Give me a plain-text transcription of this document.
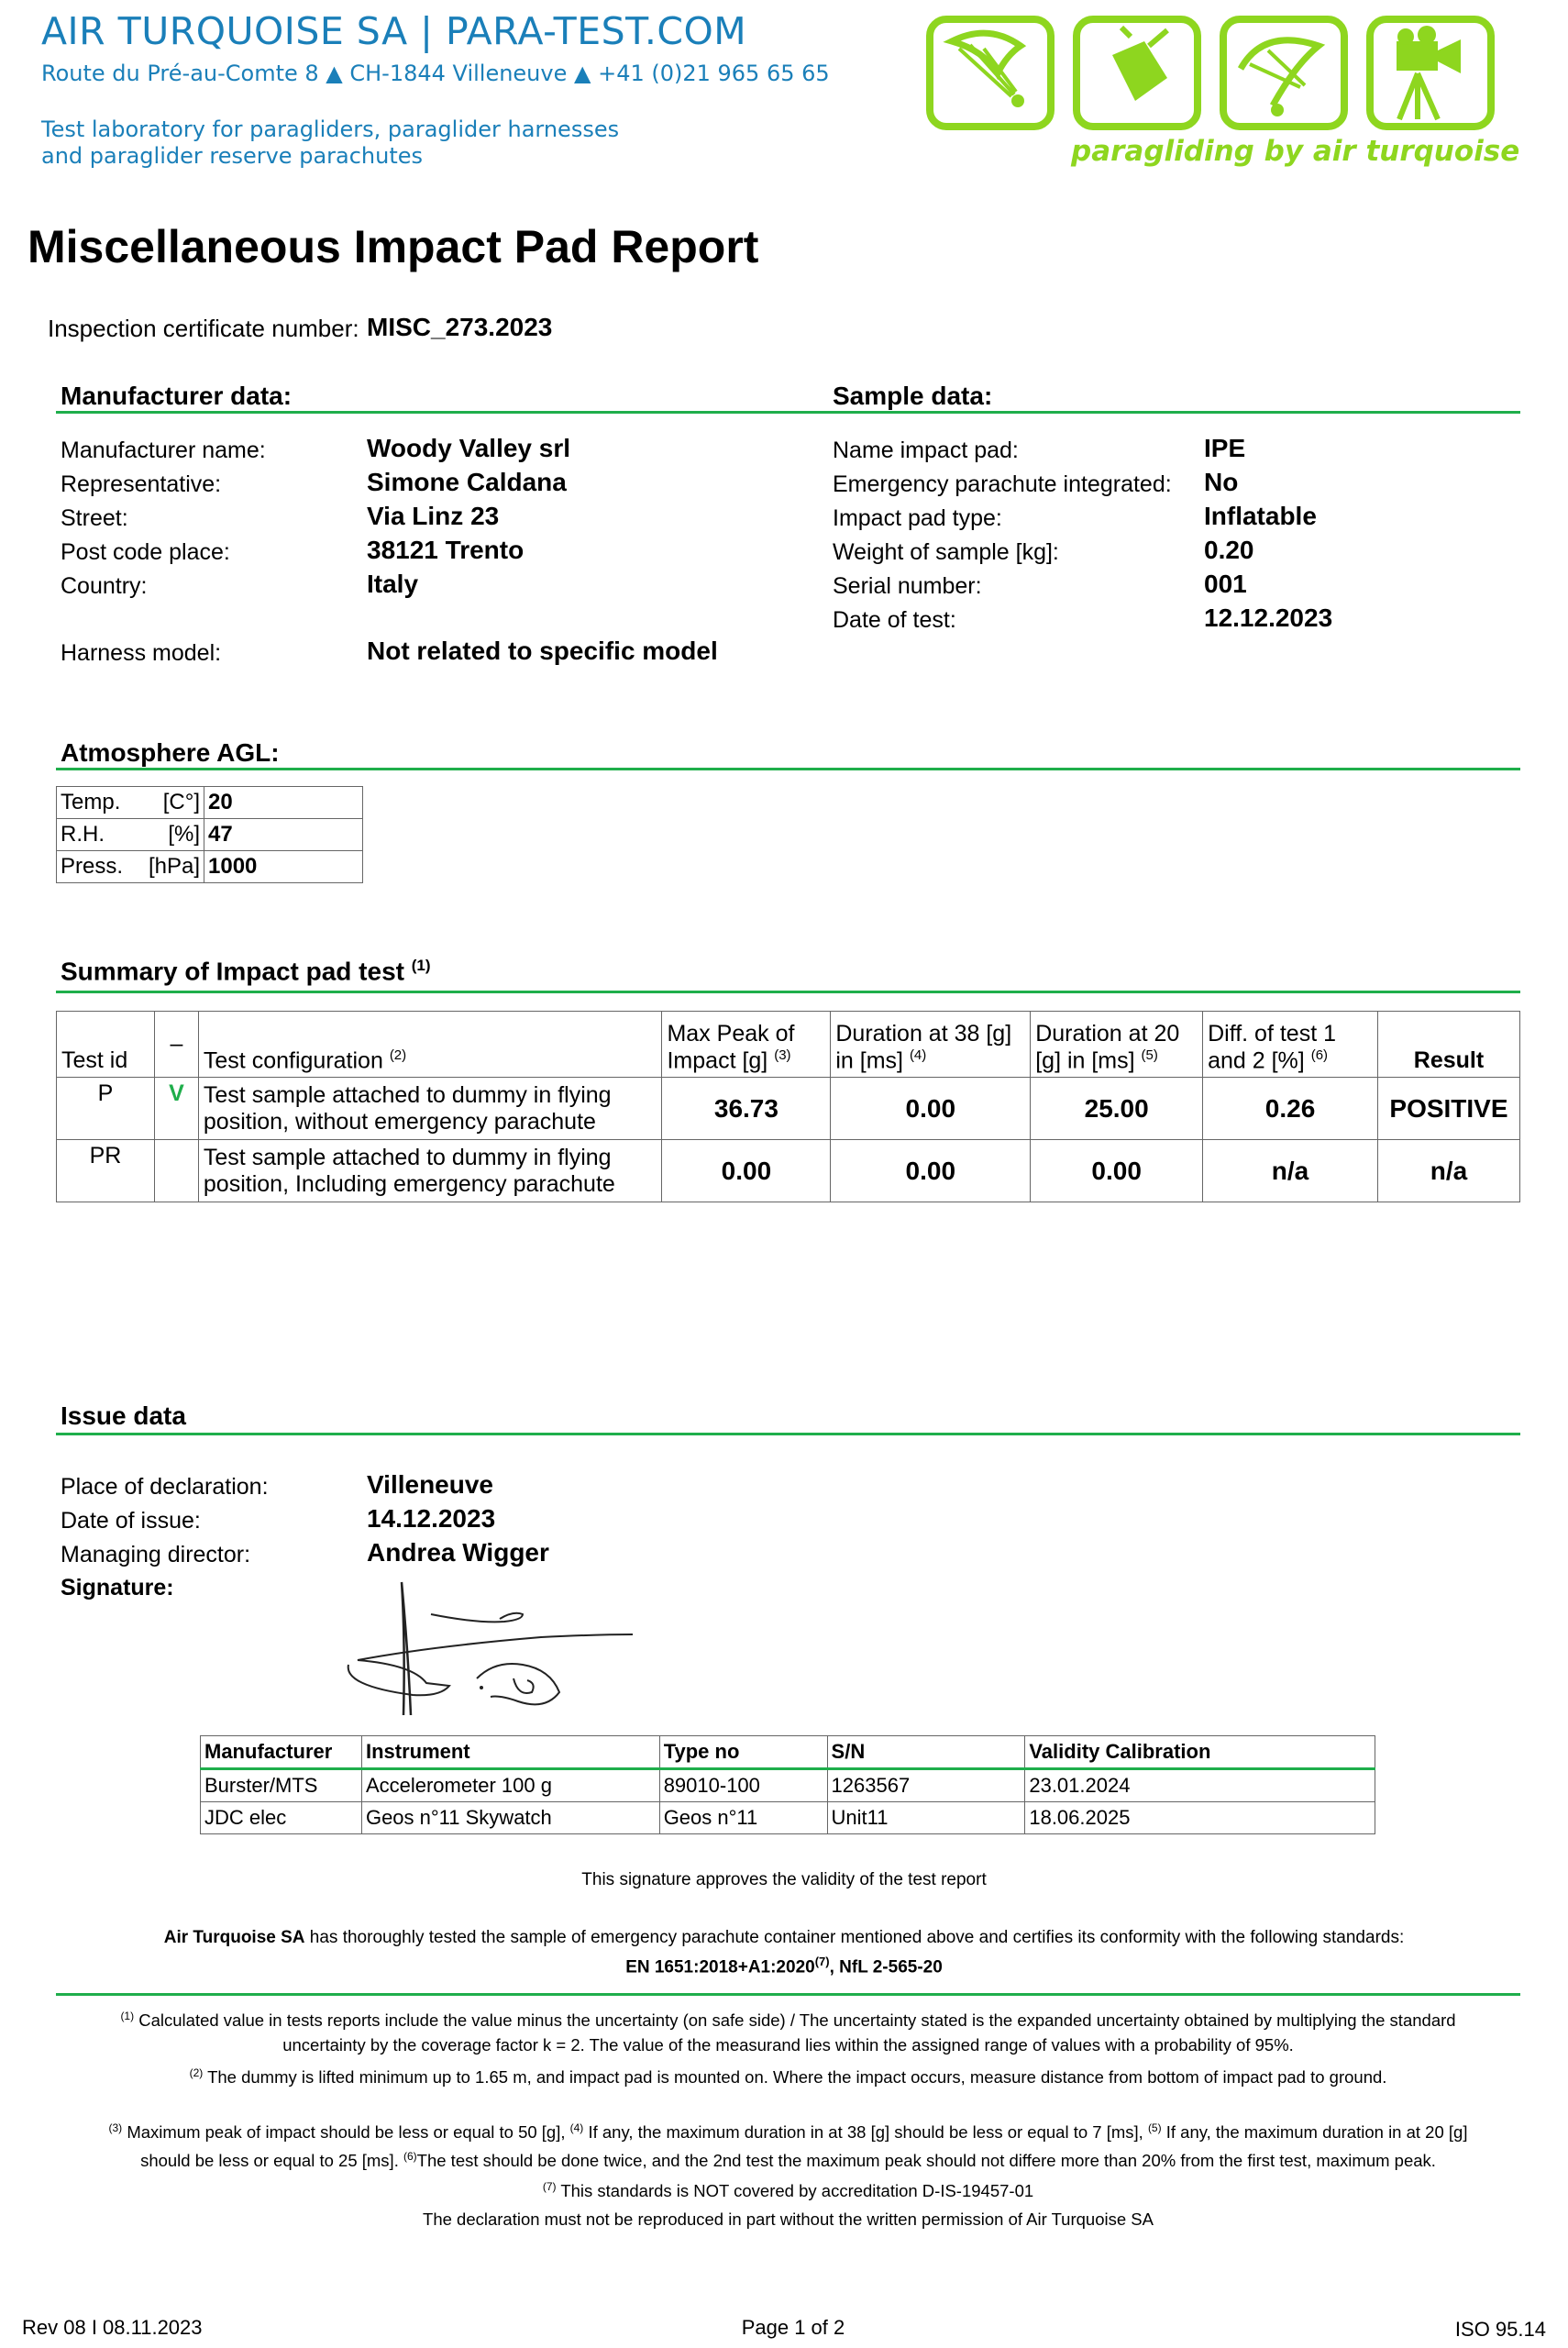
AIR TURQUOISE SA | PARA-TEST.COM
Route du Pré-au-Comte 8 ▲ CH-1844 Villeneuve ▲ +41 (0)21 965 65 65
Test laboratory for paragliders, paraglider harnesses
and paraglider reserve parachutes	paragliding by air turquoise
Miscellaneous Impact Pad Report
Inspection certificate number: MISC_273.2023
Manufacturer data:	Sample data:
Manufacturer name:	Woody Valley srl
Representative:	Simone Caldana
Street:	Via Linz 23
Post code place:	38121 Trento
Country:	Italy
Harness model:	Not related to specific model
Name impact pad:	IPE
Emergency parachute integrated: No
Impact pad type:	Inflatable
Weight of sample [kg]:	0.20
Serial number:	001
Date of test:	12.12.2023
Atmosphere AGL:
Temp. [C°]	20
R.H. [%]	47
Press. [hPa]	1000
Summary of Impact pad test $^{(1)}$
Test id	–	Test configuration $^{(2)}$	Max Peak of Impact [g] $^{(3)}$	Duration at 38 [g] in [ms] $^{(4)}$	Duration at 20 [g] in [ms] $^{(5)}$	Diff. of test 1 and 2 [%] $^{(6)}$	Result
P	V	Test sample attached to dummy in flying
position, without emergency parachute	36.73	0.00	25.00	0.26	POSITIVE
PR		Test sample attached to dummy in flying
position, Including emergency parachute	0.00	0.00	0.00	n/a	n/a
Issue data
Place of declaration:	Villeneuve
Date of issue:	14.12.2023
Managing director:	Andrea Wigger
Signature:
Manufacturer	Instrument	Type no	S/N	Validity Calibration
Burster/MTS	Accelerometer 100 g	89010-100	1263567	23.01.2024
JDC elec	Geos n°11 Skywatch	Geos n°11	Unit11	18.06.2025
This signature approves the validity of the test report
Air Turquoise SA has thoroughly tested the sample of emergency parachute container mentioned above and certifies its conformity with the following standards:
EN $1651:2018+A1:2020^{(7)}$, NfL 2-565-20
$^{(1)}$ Calculated value in tests reports include the value minus the uncertainty (on safe side) / The uncertainty stated is the expanded uncertainty obtained by multiplying the standard
uncertainty by the coverage factor k = 2. The value of the measurand lies within the assigned range of values with a probability of 95%.
$^{(2)}$ The dummy is lifted minimum up to 1.65 m, and impact pad is mounted on. Where the impact occurs, measure distance from bottom of impact pad to ground.
$^{(3)}$ Maximum peak of impact should be less or equal to 50 [g], $^{(4)}$ If any, the maximum duration in at 38 [g] should be less or equal to 7 [ms], $^{(5)}$ If any, the maximum duration in at 20 [g]
should be less or equal to 25 [ms]. $^{(6)}$The test should be done twice, and the 2nd test the maximum peak should not differe more than 20% from the first test, maximum peak.
$^{(7)}$ This standards is NOT covered by accreditation D-IS-19457-01
The declaration must not be reproduced in part without the written permission of Air Turquoise SA
Rev 08 I 08.11.2023	Page 1 of 2	ISO 95.14
